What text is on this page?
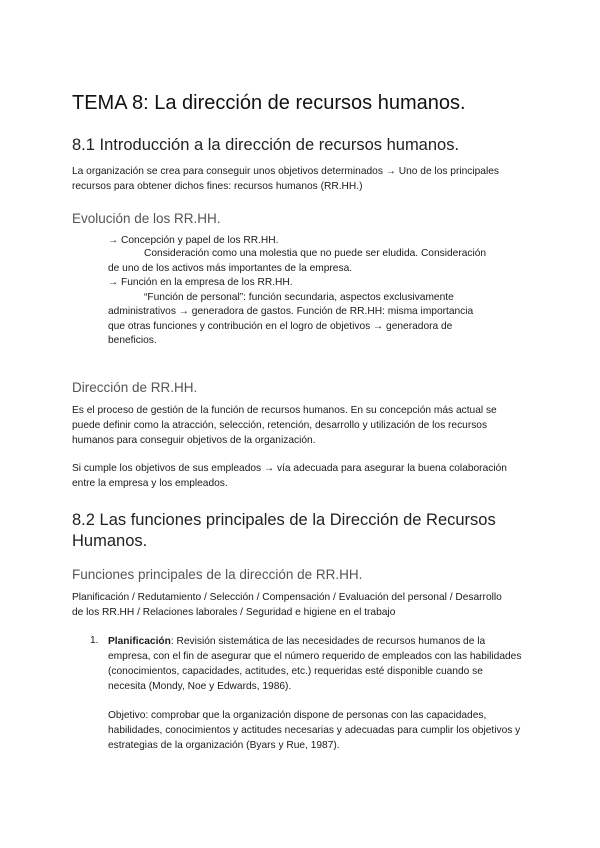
TEMA 8: La dirección de recursos humanos.
8.1 Introducción a la dirección de recursos humanos.

La organización se crea para conseguir unos objetivos determinados → Uno de los principales recursos para obtener dichos fines: recursos humanos (RR.HH.)

Evolución de los RR.HH.

→ Concepción y papel de los RR.HH.

Consideración como una molestia que no puede ser eludida. Consideración

de uno de los activos más importantes de la empresa.

→ Función en la empresa de los RR.HH.

“Función de personal”: función secundaria, aspectos exclusivamente

administrativos → generadora de gastos. Función de RR.HH: misma importancia

que otras funciones y contribución en el logro de objetivos → generadora de

beneficios.

Dirección de RR.HH.

Es el proceso de gestión de la función de recursos humanos. En su concepción más actual se puede definir como la atracción, selección, retención, desarrollo y utilización de los recursos humanos para conseguir objetivos de la organización.

Si cumple los objetivos de sus empleados → vía adecuada para asegurar la buena colaboración entre la empresa y los empleados.

8.2 Las funciones principales de la Dirección de Recursos Humanos.
Funciones principales de la dirección de RR.HH.

Planificación / Redutamiento / Selección / Compensación / Evaluación del personal / Desarrollo de los RR.HH / Relaciones laborales / Seguridad e higiene en el trabajo

1. Planificación: Revisión sistemática de las necesidades de recursos humanos de la empresa, con el fin de asegurar que el número requerido de empleados con las habilidades (conocimientos, capacidades, actitudes, etc.) requeridas esté disponible cuando se necesita (Mondy, Noe y Edwards, 1986).

Objetivo: comprobar que la organización dispone de personas con las capacidades, habilidades, conocimientos y actitudes necesarias y adecuadas para cumplir los objetivos y estrategias de la organización (Byars y Rue, 1987).
